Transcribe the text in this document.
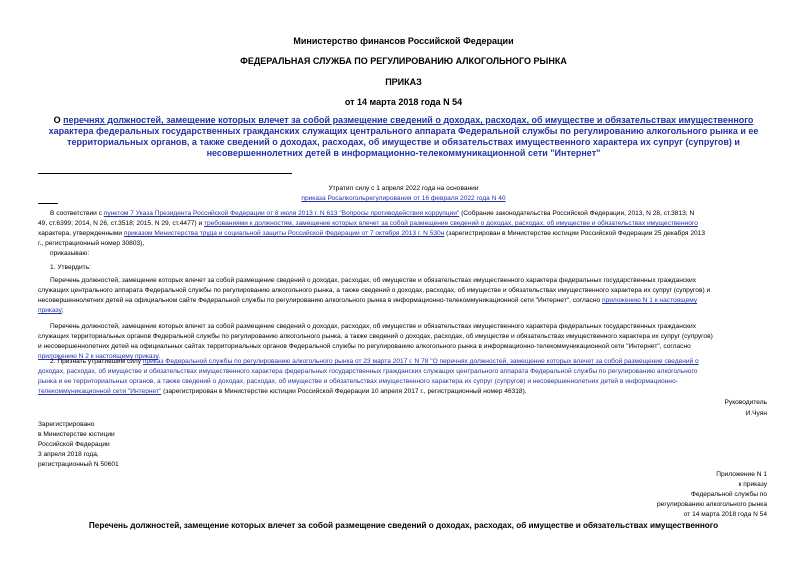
Министерство финансов Российской Федерации
ФЕДЕРАЛЬНАЯ СЛУЖБА ПО РЕГУЛИРОВАНИЮ АЛКОГОЛЬНОГО РЫНКА
ПРИКАЗ
от 14 марта 2018 года N 54
О перечнях должностей, замещение которых влечет за собой размещение сведений о доходах, расходах, об имуществе и обязательствах имущественного
характера федеральных государственных гражданских служащих центрального аппарата Федеральной службы по регулированию алкогольного рынка и ее
территориальных органов, а также сведений о доходах, расходах, об имуществе и обязательствах имущественного характера их супруг (супругов) и
несовершеннолетних детей в информационно-телекоммуникационной сети "Интернет"
Утратил силу с 1 апреля 2022 года на основании
приказа Росалкогольрегулирования от 16 февраля 2022 года N 40
В соответствии с пунктом 7 Указа Президента Российской Федерации от 8 июля 2013 г. N 613 "Вопросы противодействия коррупции" (Собрание законодательства Российской Федерации, 2013, N 28, ст.3813; N
49, ст.6399; 2014, N 26, ст.3518; 2015, N 29, ст.4477) и требованиями к должностям, замещение которых влечет за собой размещение сведений о доходах, расходах, об имуществе и обязательствах имущественного
характера, утвержденными приказом Министерства труда и социальной защиты Российской Федерации от 7 октября 2013 г. N 530н (зарегистрирован в Министерстве юстиции Российской Федерации 25 декабря 2013
г., регистрационный номер 30803),
приказываю:
1. Утвердить:
Перечень должностей, замещение которых влечет за собой размещение сведений о доходах, расходах, об имуществе и обязательствах имущественного характера федеральных государственных гражданских
служащих центрального аппарата Федеральной службы по регулированию алкогольного рынка, а также сведений о доходах, расходах, об имуществе и обязательствах имущественного характера их супруг (супругов) и
несовершеннолетних детей на официальном сайте Федеральной службы по регулированию алкогольного рынка в информационно-телекоммуникационной сети "Интернет", согласно приложению N 1 к настоящему
приказу;
Перечень должностей, замещение которых влечет за собой размещение сведений о доходах, расходах, об имуществе и обязательствах имущественного характера федеральных государственных гражданских
служащих территориальных органов Федеральной службы по регулированию алкогольного рынка, а также сведений о доходах, расходах, об имуществе и обязательствах имущественного характера их супруг (супругов)
и несовершеннолетних детей на официальных сайтах территориальных органов Федеральной службы по регулированию алкогольного рынка в информационно-телекоммуникационной сети "Интернет", согласно
приложению N 2 к настоящему приказу.
2. Признать утратившим силу приказ Федеральной службы по регулированию алкогольного рынка от 23 марта 2017 г. N 78 "О перечнях должностей, замещение которых влечет за собой размещение сведений о
доходах, расходах, об имуществе и обязательствах имущественного характера федеральных государственных гражданских служащих центрального аппарата Федеральной службы по регулированию алкогольного
рынка и ее территориальных органов, а также сведений о доходах, расходах, об имуществе и обязательствах имущественного характера их супруг (супругов) и несовершеннолетних детей в информационно-
телекоммуникационной сети "Интернет" (зарегистрирован в Министерстве юстиции Российской Федерации 10 апреля 2017 г., регистрационный номер 46318).
Руководитель
И.Чуян
Зарегистрировано
в Министерстве юстиции
Российской Федерации
3 апреля 2018 года,
регистрационный N 50601
Приложение N 1
к приказу
Федеральной службы по
регулированию алкогольного рынка
от 14 марта 2018 года N 54
Перечень должностей, замещение которых влечет за собой размещение сведений о доходах, расходах, об имуществе и обязательствах имущественного
